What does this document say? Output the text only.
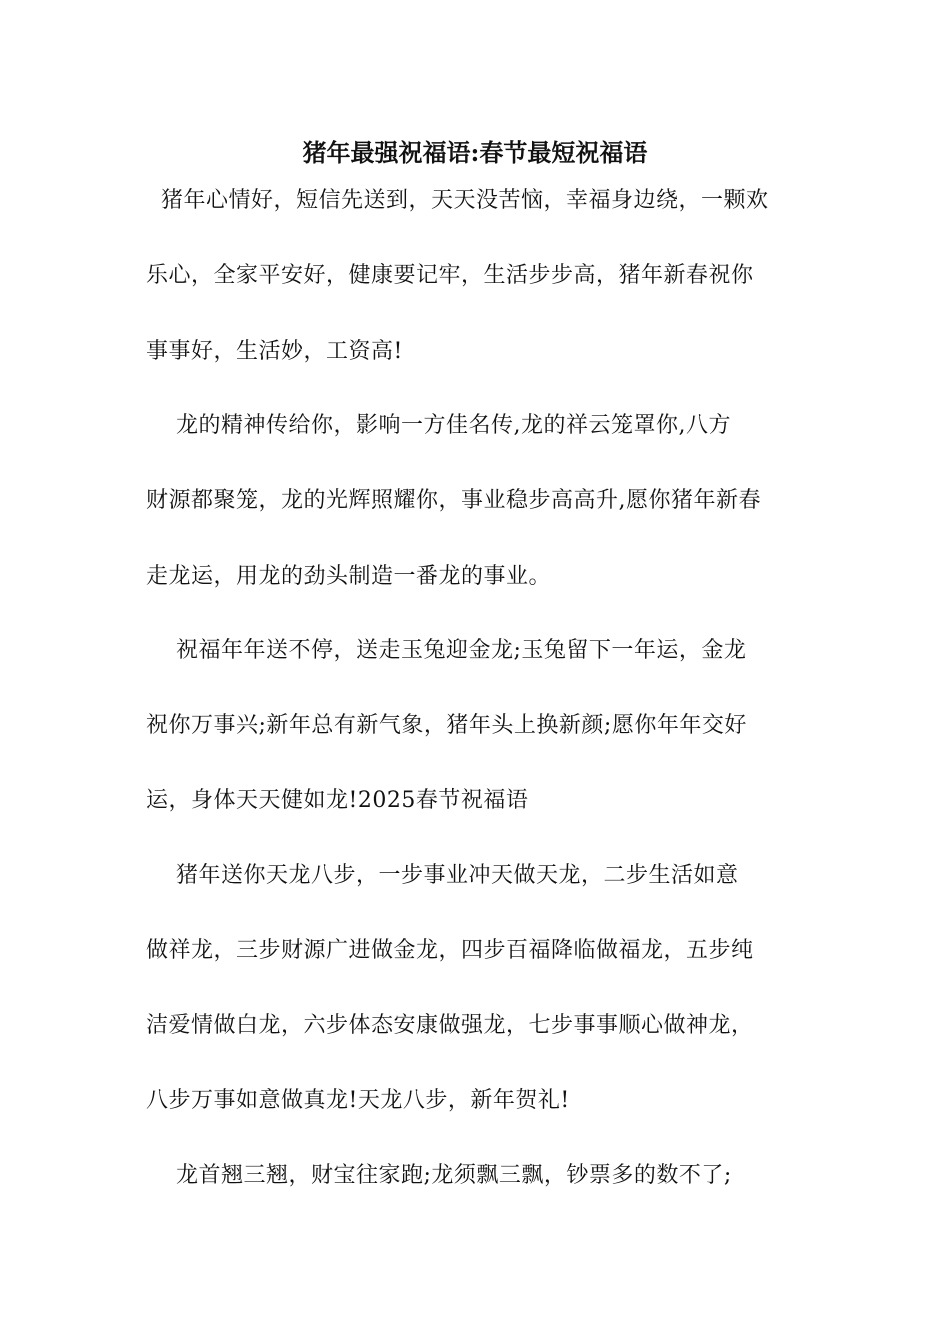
猪年最强祝福语:春节最短祝福语

猪年心情好，短信先送到，天天没苦恼，幸福身边绕，一颗欢

乐心，全家平安好，健康要记牢，生活步步高，猪年新春祝你

事事好，生活妙，工资高!

龙的精神传给你，影响一方佳名传,龙的祥云笼罩你,八方

财源都聚笼，龙的光辉照耀你，事业稳步高高升,愿你猪年新春

走龙运，用龙的劲头制造一番龙的事业。

祝福年年送不停，送走玉兔迎金龙;玉兔留下一年运，金龙

祝你万事兴;新年总有新气象，猪年头上换新颜;愿你年年交好

运，身体天天健如龙!2025春节祝福语

猪年送你天龙八步，一步事业冲天做天龙，二步生活如意

做祥龙，三步财源广进做金龙，四步百福降临做福龙，五步纯

洁爱情做白龙，六步体态安康做强龙，七步事事顺心做神龙，

八步万事如意做真龙!天龙八步，新年贺礼!

龙首翘三翘，财宝往家跑;龙须飘三飘，钞票多的数不了;
